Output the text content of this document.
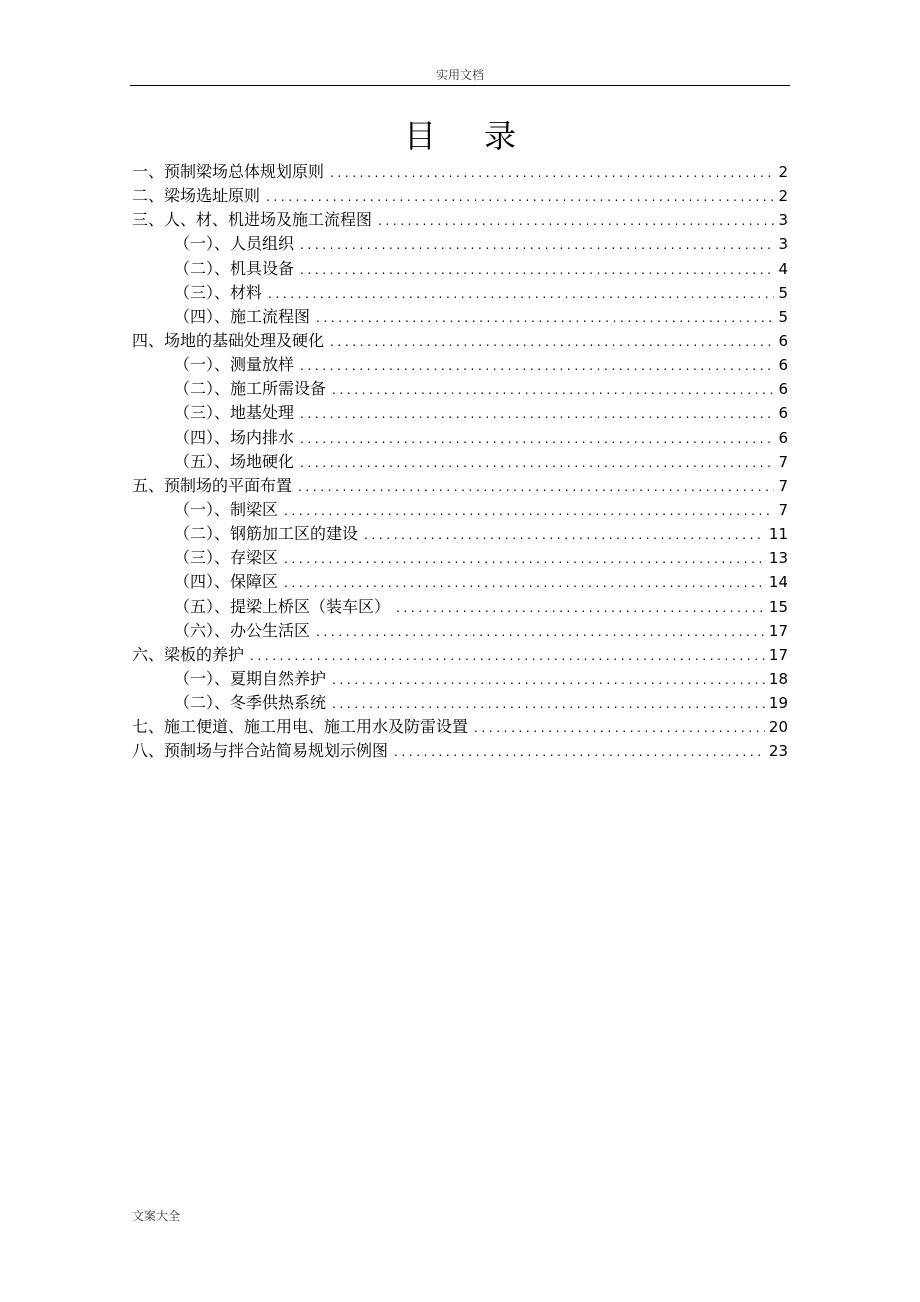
实用文档
目录
一、预制梁场总体规划原则 .....	2
二、梁场选址原则 .....	2
三、人、材、机进场及施工流程图 .....	3
（一）、人员组织 .....	3
（二）、机具设备 .....	4
（三）、材料 .....	5
（四）、施工流程图 .....	5
四、场地的基础处理及硬化 .....	6
（一）、测量放样 .....	6
（二）、施工所需设备 .....	6
（三）、地基处理 .....	6
（四）、场内排水 .....	6
（五）、场地硬化 .....	7
五、预制场的平面布置 .....	7
（一）、制梁区 .....	7
（二）、钢筋加工区的建设 .....	11
（三）、存梁区 .....	13
（四）、保障区 .....	14
（五）、提梁上桥区（装车区） .....	15
（六）、办公生活区 .....	17
六、梁板的养护 .....	17
（一）、夏期自然养护 .....	18
（二）、冬季供热系统 .....	19
七、施工便道、施工用电、施工用水及防雷设置 .....	20
八、预制场与拌合站简易规划示例图 .....	23
文案大全
